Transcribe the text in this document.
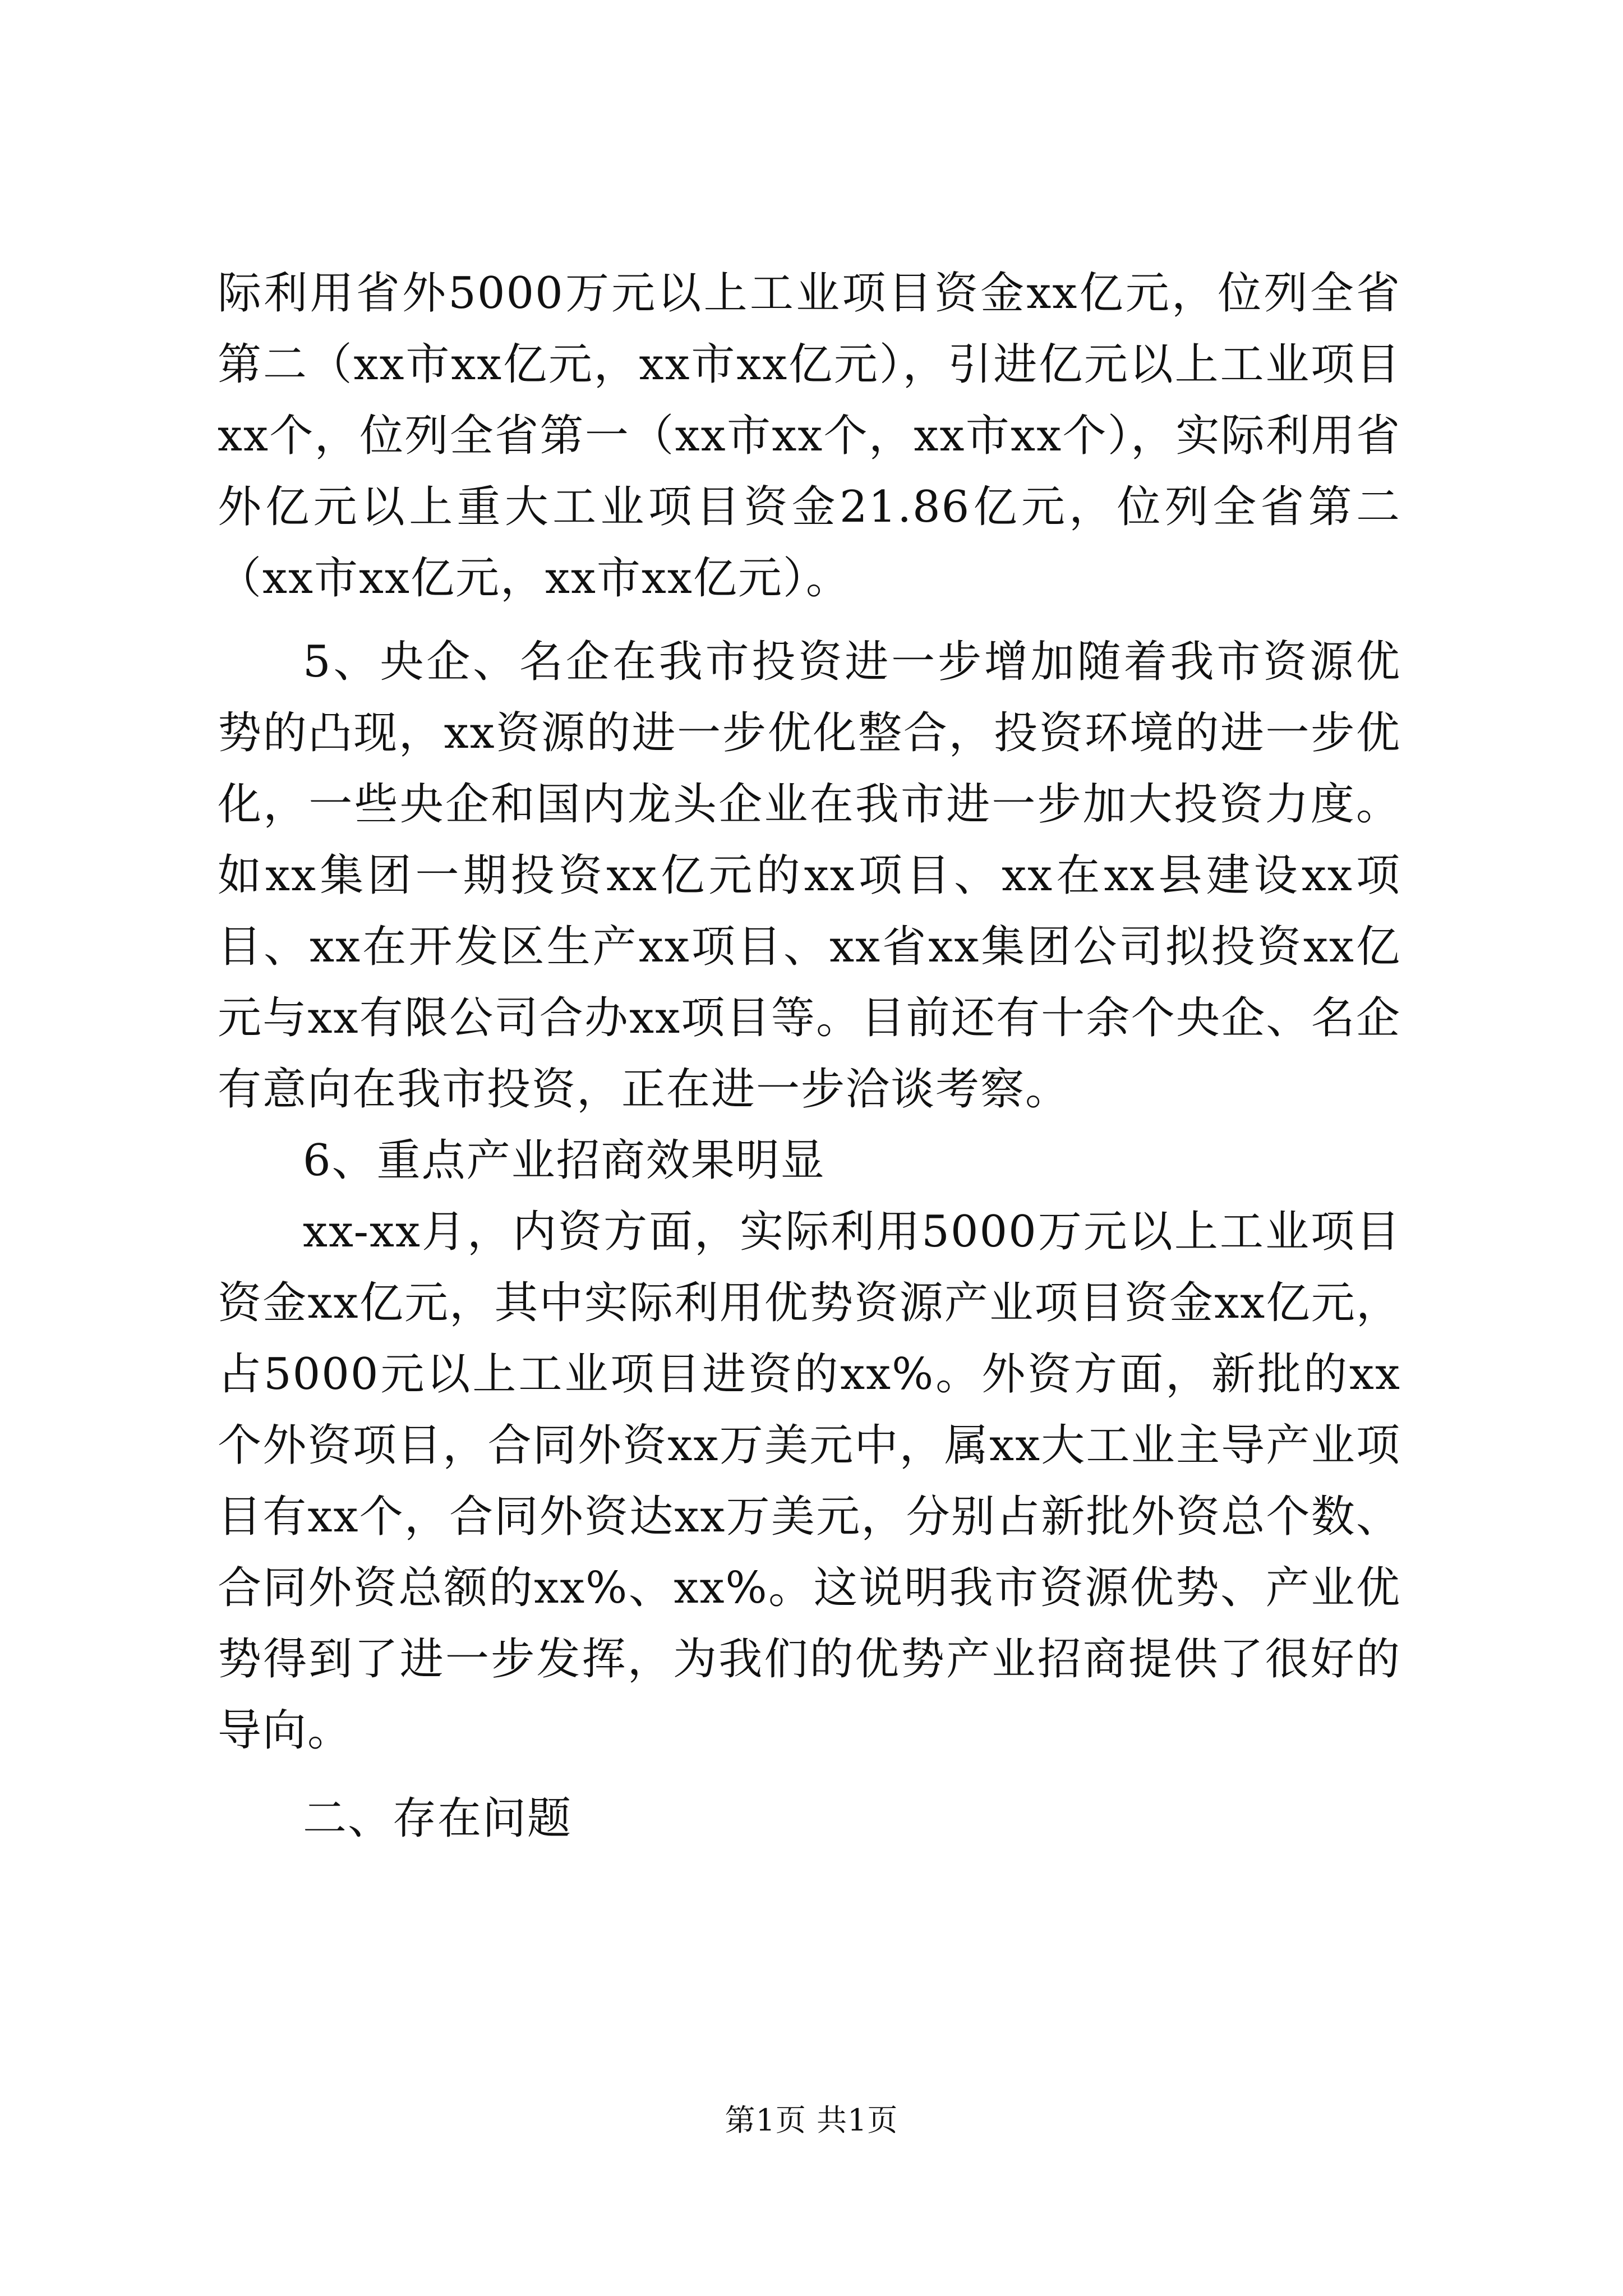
际利用省外5000万元以上工业项目资金xx亿元，位列全省第二（xx市xx亿元，xx市xx亿元），引进亿元以上工业项目xx个，位列全省第一（xx市xx个，xx市xx个），实际利用省外亿元以上重大工业项目资金21.86亿元，位列全省第二（xx市xx亿元，xx市xx亿元）。

5、央企、名企在我市投资进一步增加随着我市资源优势的凸现，xx资源的进一步优化整合，投资环境的进一步优化，一些央企和国内龙头企业在我市进一步加大投资力度。如xx集团一期投资xx亿元的xx项目、xx在xx县建设xx项目、xx在开发区生产xx项目、xx省xx集团公司拟投资xx亿元与xx有限公司合办xx项目等。目前还有十余个央企、名企有意向在我市投资，正在进一步洽谈考察。

6、重点产业招商效果明显

xx-xx月，内资方面，实际利用5000万元以上工业项目资金xx亿元，其中实际利用优势资源产业项目资金xx亿元，占5000元以上工业项目进资的xx%。外资方面，新批的xx个外资项目，合同外资xx万美元中，属xx大工业主导产业项目有xx个，合同外资达xx万美元，分别占新批外资总个数、合同外资总额的xx%、xx%。这说明我市资源优势、产业优势得到了进一步发挥，为我们的优势产业招商提供了很好的导向。

二、存在问题

第1页 共1页
